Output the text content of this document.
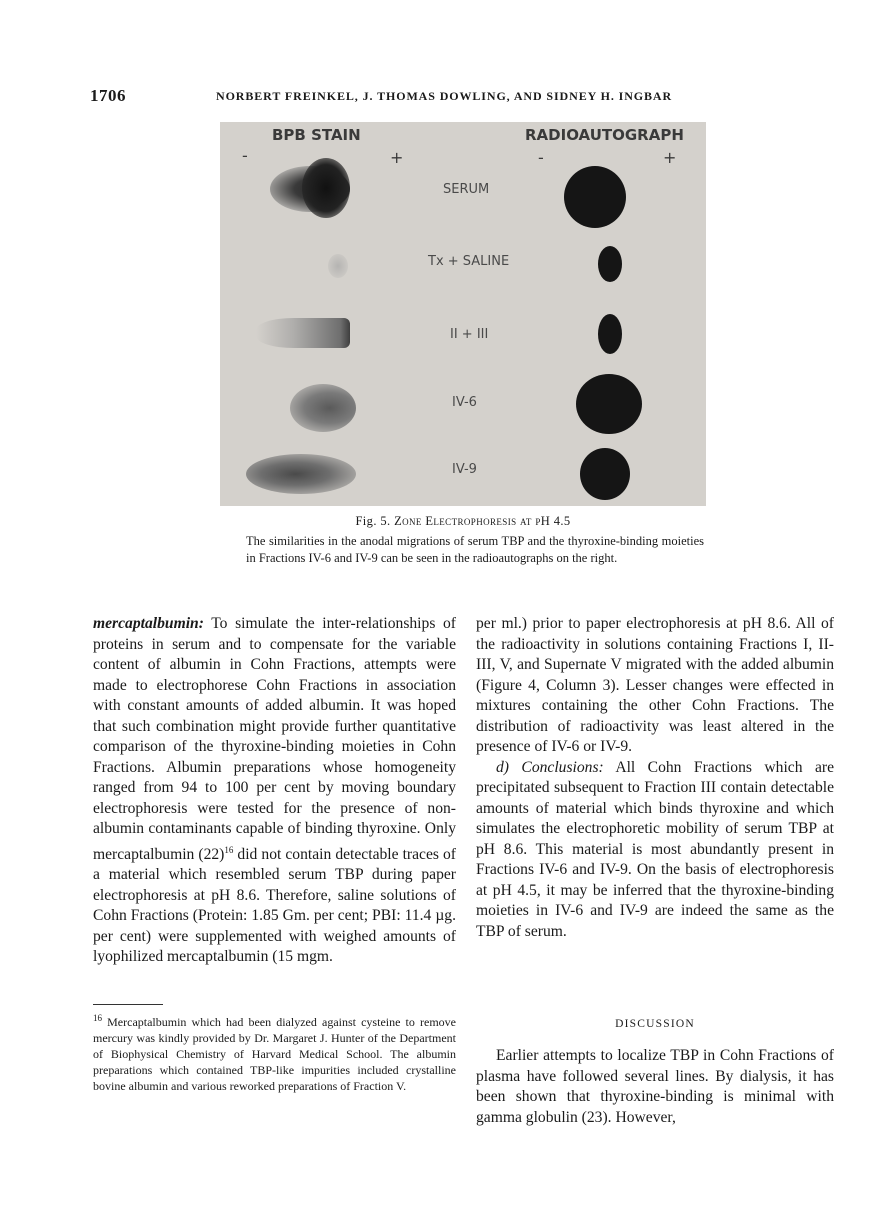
1706	NORBERT FREINKEL, J. THOMAS DOWLING, AND SIDNEY H. INGBAR
BPB STAIN	RADIOAUTOGRAPH
-	+	-	+
SERUM
Tx + SALINE
II + III
IV-6
IV-9
Fig. 5. Zone Electrophoresis at pH 4.5
The similarities in the anodal migrations of serum TBP and the thyroxine-binding moieties in Fractions IV-6 and IV-9 can be seen in the radioautographs on the right.

mercaptalbumin: To simulate the inter-relationships of proteins in serum and to compensate for the variable content of albumin in Cohn Fractions, attempts were made to electrophorese Cohn Fractions in association with constant amounts of added albumin. It was hoped that such combination might provide further quantitative comparison of the thyroxine-binding moieties in Cohn Fractions. Albumin preparations whose homogeneity ranged from 94 to 100 per cent by moving boundary electrophoresis were tested for the presence of non-albumin contaminants capable of binding thyroxine. Only mercaptalbumin $(22)^{16}$ did not contain detectable traces of a material which resembled serum TBP during paper electrophoresis at pH 8.6. Therefore, saline solutions of Cohn Fractions (Protein: 1.85 Gm. per cent; PBI: 11.4 µg. per cent) were supplemented with weighed amounts of lyophilized mercaptalbumin (15 mgm.

$^{16}$ Mercaptalbumin which had been dialyzed against cysteine to remove mercury was kindly provided by Dr. Margaret J. Hunter of the Department of Biophysical Chemistry of Harvard Medical School. The albumin preparations which contained TBP-like impurities included crystalline bovine albumin and various reworked preparations of Fraction V.

per ml.) prior to paper electrophoresis at pH 8.6. All of the radioactivity in solutions containing Fractions I, II-III, V, and Supernate V migrated with the added albumin (Figure 4, Column 3). Lesser changes were effected in mixtures containing the other Cohn Fractions. The distribution of radioactivity was least altered in the presence of IV-6 or IV-9.

d) Conclusions: All Cohn Fractions which are precipitated subsequent to Fraction III contain detectable amounts of material which binds thyroxine and which simulates the electrophoretic mobility of serum TBP at pH 8.6. This material is most abundantly present in Fractions IV-6 and IV-9. On the basis of electrophoresis at pH 4.5, it may be inferred that the thyroxine-binding moieties in IV-6 and IV-9 are indeed the same as the TBP of serum.

DISCUSSION

Earlier attempts to localize TBP in Cohn Fractions of plasma have followed several lines. By dialysis, it has been shown that thyroxine-binding is minimal with gamma globulin (23). However,
